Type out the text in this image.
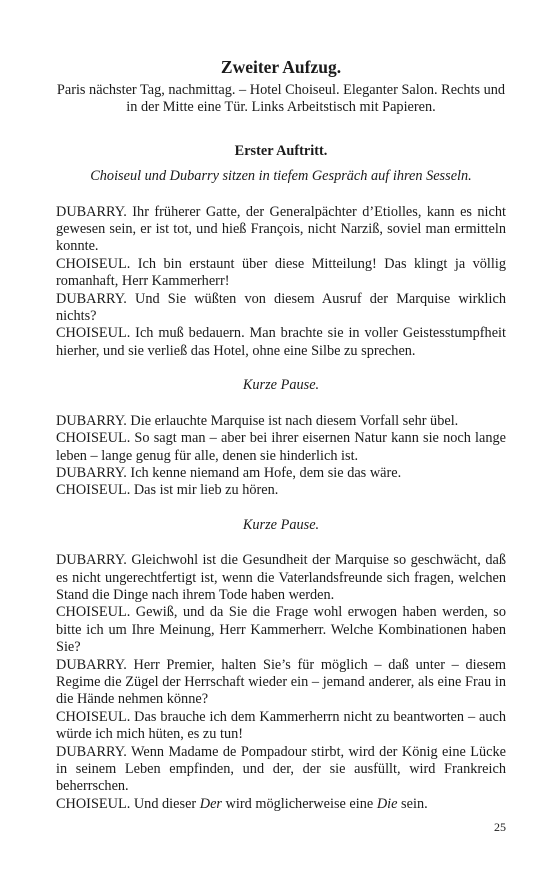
Zweiter Aufzug.

Paris nächster Tag, nachmittag. – Hotel Choiseul. Eleganter Salon. Rechts und in der Mitte eine Tür. Links Arbeitstisch mit Papieren.

Erster Auftritt.

Choiseul und Dubarry sitzen in tiefem Gespräch auf ihren Sesseln.

DUBARRY. Ihr früherer Gatte, der Generalpächter d’Etiolles, kann es nicht gewesen sein, er ist tot, und hieß François, nicht Narziß, soviel man ermitteln konnte.

CHOISEUL. Ich bin erstaunt über diese Mitteilung! Das klingt ja völlig romanhaft, Herr Kammerherr!

DUBARRY. Und Sie wüßten von diesem Ausruf der Marquise wirklich nichts?

CHOISEUL. Ich muß bedauern. Man brachte sie in voller Geistesstumpfheit hierher, und sie verließ das Hotel, ohne eine Silbe zu sprechen.

Kurze Pause.

DUBARRY. Die erlauchte Marquise ist nach diesem Vorfall sehr übel.

CHOISEUL. So sagt man – aber bei ihrer eisernen Natur kann sie noch lange leben – lange genug für alle, denen sie hinderlich ist.

DUBARRY. Ich kenne niemand am Hofe, dem sie das wäre.

CHOISEUL. Das ist mir lieb zu hören.

Kurze Pause.

DUBARRY. Gleichwohl ist die Gesundheit der Marquise so geschwächt, daß es nicht ungerechtfertigt ist, wenn die Vaterlandsfreunde sich fragen, welchen Stand die Dinge nach ihrem Tode haben werden.

CHOISEUL. Gewiß, und da Sie die Frage wohl erwogen haben werden, so bitte ich um Ihre Meinung, Herr Kammerherr. Welche Kombinationen haben Sie?

DUBARRY. Herr Premier, halten Sie’s für möglich – daß unter – diesem Regime die Zügel der Herrschaft wieder ein – jemand anderer, als eine Frau in die Hände nehmen könne?

CHOISEUL. Das brauche ich dem Kammerherrn nicht zu beantworten – auch würde ich mich hüten, es zu tun!

DUBARRY. Wenn Madame de Pompadour stirbt, wird der König eine Lücke in seinem Leben empfinden, und der, der sie ausfüllt, wird Frankreich beherrschen.

CHOISEUL. Und dieser Der wird möglicherweise eine Die sein.

25
